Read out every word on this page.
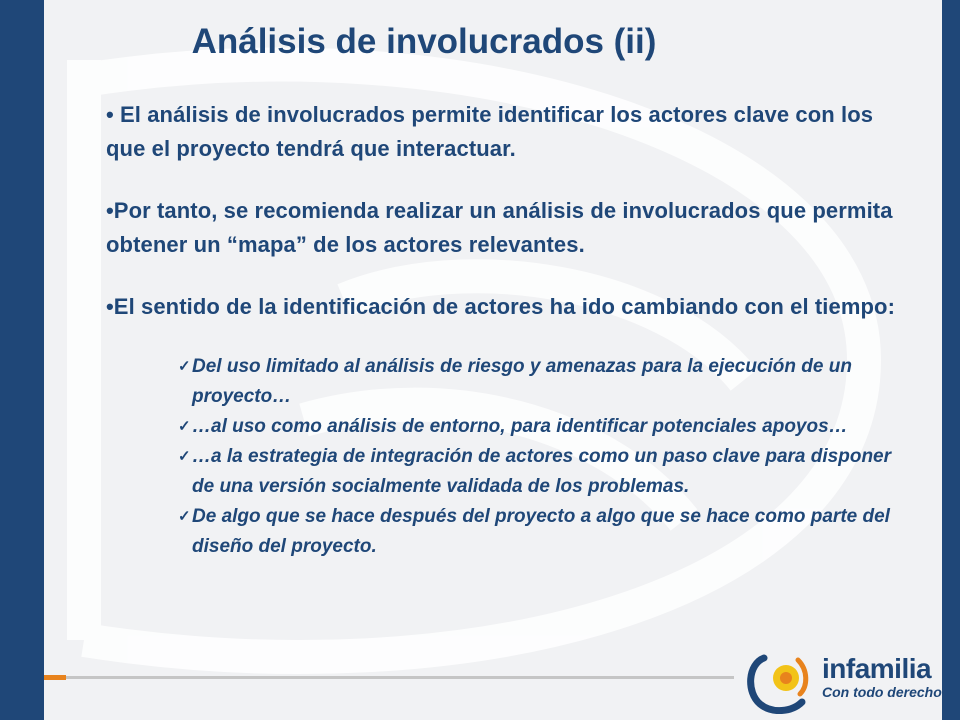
Análisis de involucrados (ii)

• El análisis de involucrados permite identificar los actores clave con los que el proyecto tendrá que interactuar.

•Por tanto, se recomienda realizar un análisis de involucrados que permita obtener un “mapa” de los actores relevantes.

•El sentido de la identificación de actores ha ido cambiando con el tiempo:

✓ Del uso limitado al análisis de riesgo y amenazas para la ejecución de un proyecto…
✓ …al uso como análisis de entorno, para identificar potenciales apoyos…
✓ …a la estrategia de integración de actores como un paso clave para disponer de una versión socialmente validada de los problemas.
✓ De algo que se hace después del proyecto a algo que se hace como parte del diseño del proyecto.
infamilia
Con todo derecho
